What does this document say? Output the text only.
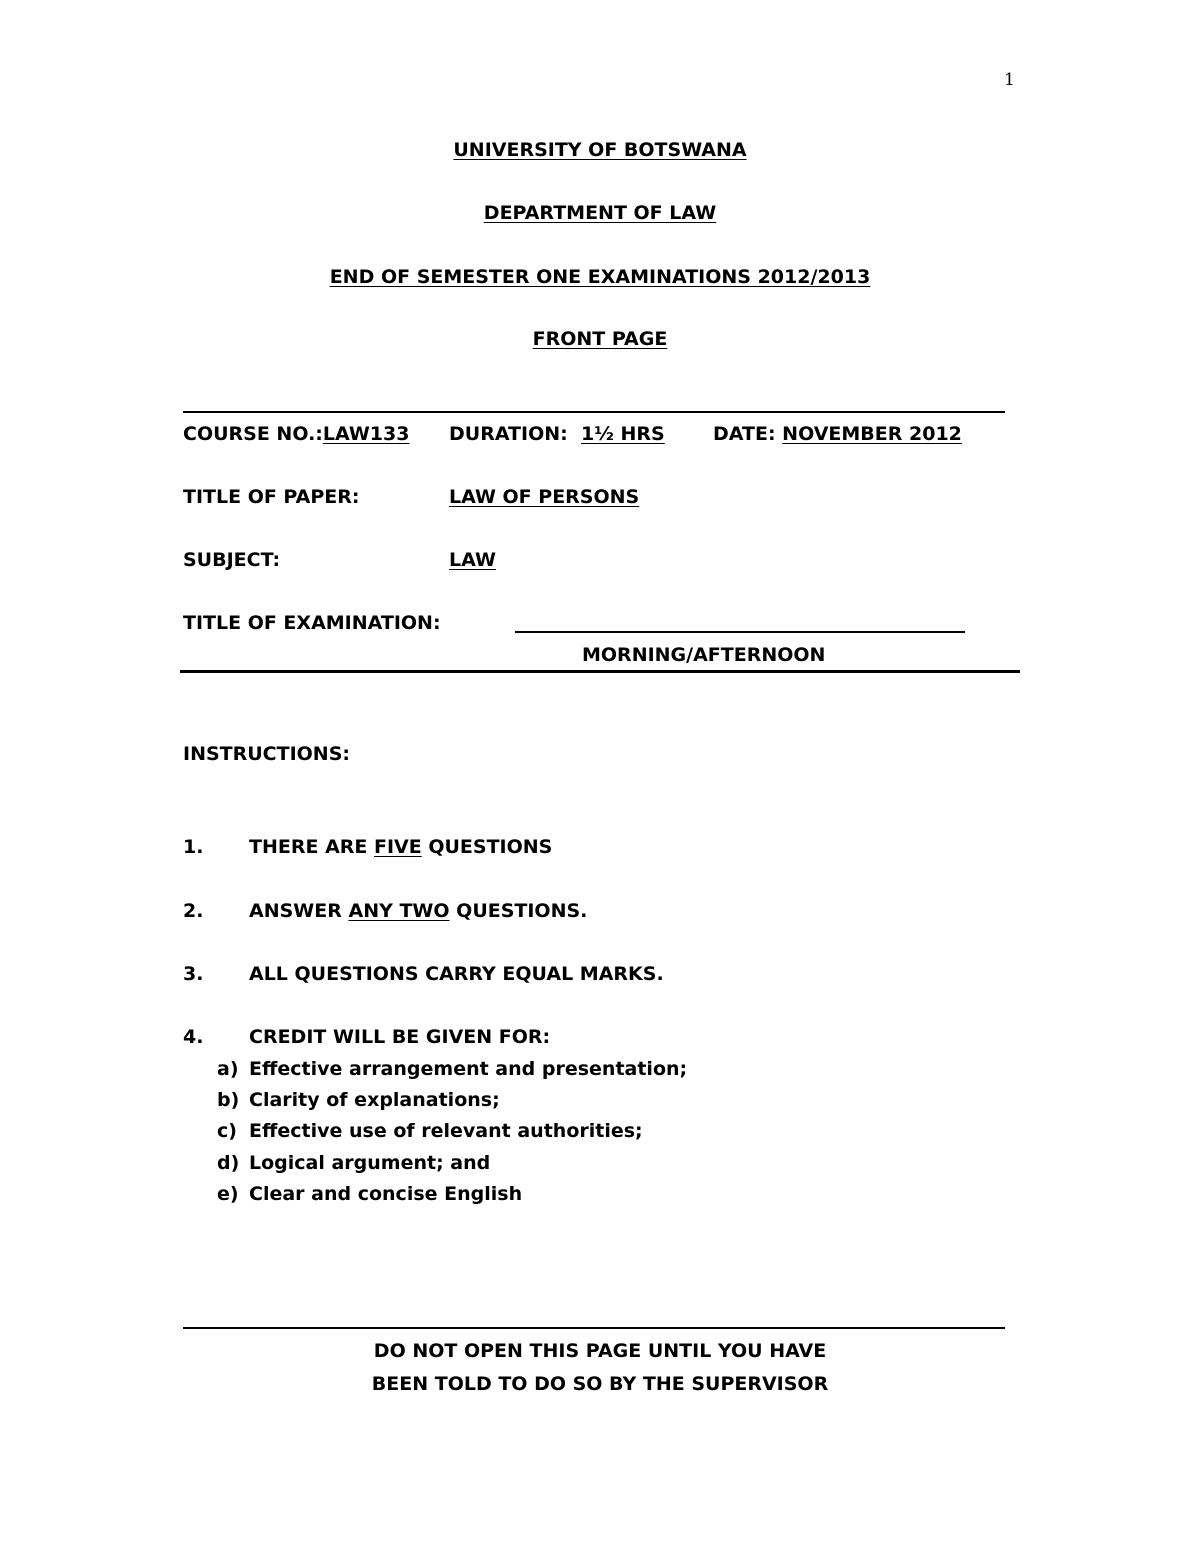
1
UNIVERSITY OF BOTSWANA
DEPARTMENT OF LAW
END OF SEMESTER ONE EXAMINATIONS 2012/2013
FRONT PAGE
COURSE NO.:LAW133 DURATION: 1½ HRS	DATE: NOVEMBER 2012
TITLE OF PAPER:	LAW OF PERSONS
SUBJECT:	LAW
TITLE OF EXAMINATION:
MORNING/AFTERNOON
INSTRUCTIONS:
1. THERE ARE FIVE QUESTIONS
2. ANSWER ANY TWO QUESTIONS.
3. ALL QUESTIONS CARRY EQUAL MARKS.
4. CREDIT WILL BE GIVEN FOR:
a) Effective arrangement and presentation;
b) Clarity of explanations;
c) Effective use of relevant authorities;
d) Logical argument; and
e) Clear and concise English
DO NOT OPEN THIS PAGE UNTIL YOU HAVE
BEEN TOLD TO DO SO BY THE SUPERVISOR
